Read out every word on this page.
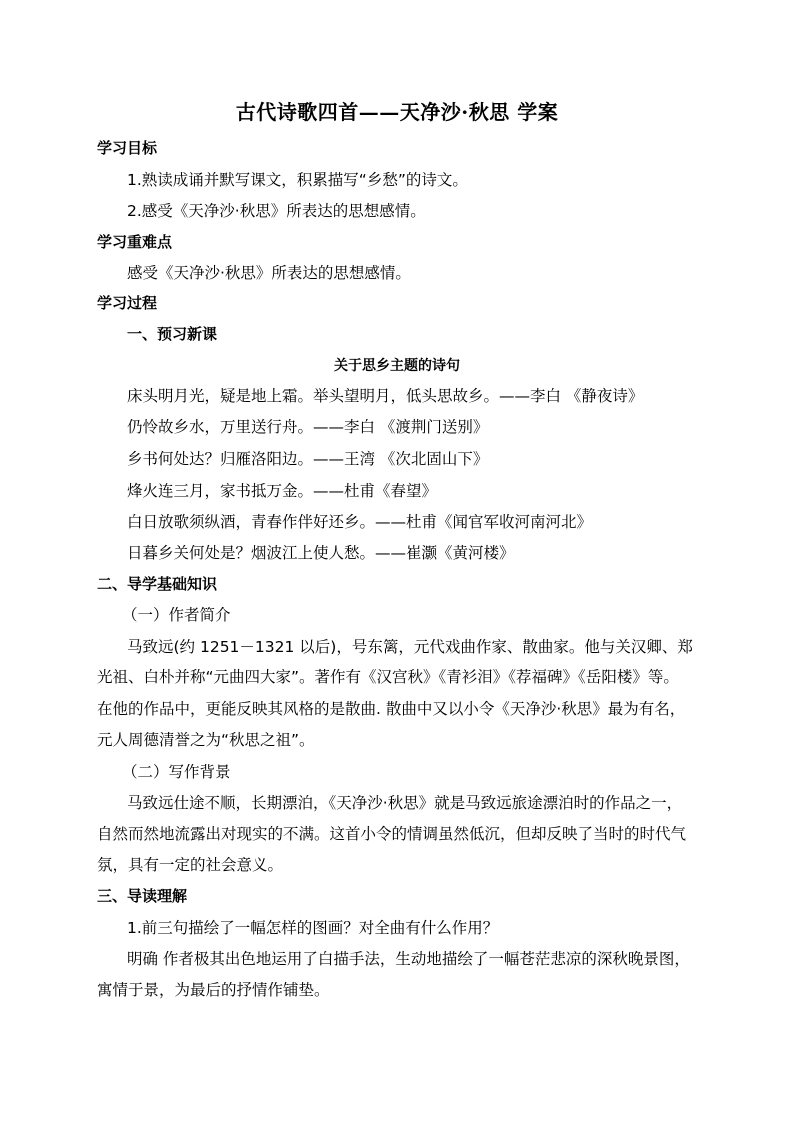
古代诗歌四首——天净沙·秋思 学案
学习目标
1.熟读成诵并默写课文，积累描写“乡愁”的诗文。
2.感受《天净沙·秋思》所表达的思想感情。
学习重难点
感受《天净沙·秋思》所表达的思想感情。
学习过程
一、预习新课
关于思乡主题的诗句
床头明月光，疑是地上霜。举头望明月，低头思故乡。——李白 《静夜诗》
仍怜故乡水，万里送行舟。——李白 《渡荆门送别》
乡书何处达？归雁洛阳边。——王湾 《次北固山下》
烽火连三月，家书抵万金。——杜甫《春望》
白日放歌须纵酒，青春作伴好还乡。——杜甫《闻官军收河南河北》
日暮乡关何处是？烟波江上使人愁。——崔灏《黄河楼》
二、导学基础知识
（一）作者简介
马致远(约 1251－1321 以后)，号东篱，元代戏曲作家、散曲家。他与关汉卿、郑
光祖、白朴并称“元曲四大家”。著作有《汉宫秋》《青衫泪》《荐福碑》《岳阳楼》等。
在他的作品中，更能反映其风格的是散曲. 散曲中又以小令《天净沙·秋思》最为有名，
元人周德清誉之为“秋思之祖”。
（二）写作背景
马致远仕途不顺，长期漂泊，《天净沙·秋思》就是马致远旅途漂泊时的作品之一，
自然而然地流露出对现实的不满。这首小令的情调虽然低沉，但却反映了当时的时代气
氛，具有一定的社会意义。
三、导读理解
1.前三句描绘了一幅怎样的图画？对全曲有什么作用？
明确 作者极其出色地运用了白描手法，生动地描绘了一幅苍茫悲凉的深秋晚景图，
寓情于景，为最后的抒情作铺垫。
